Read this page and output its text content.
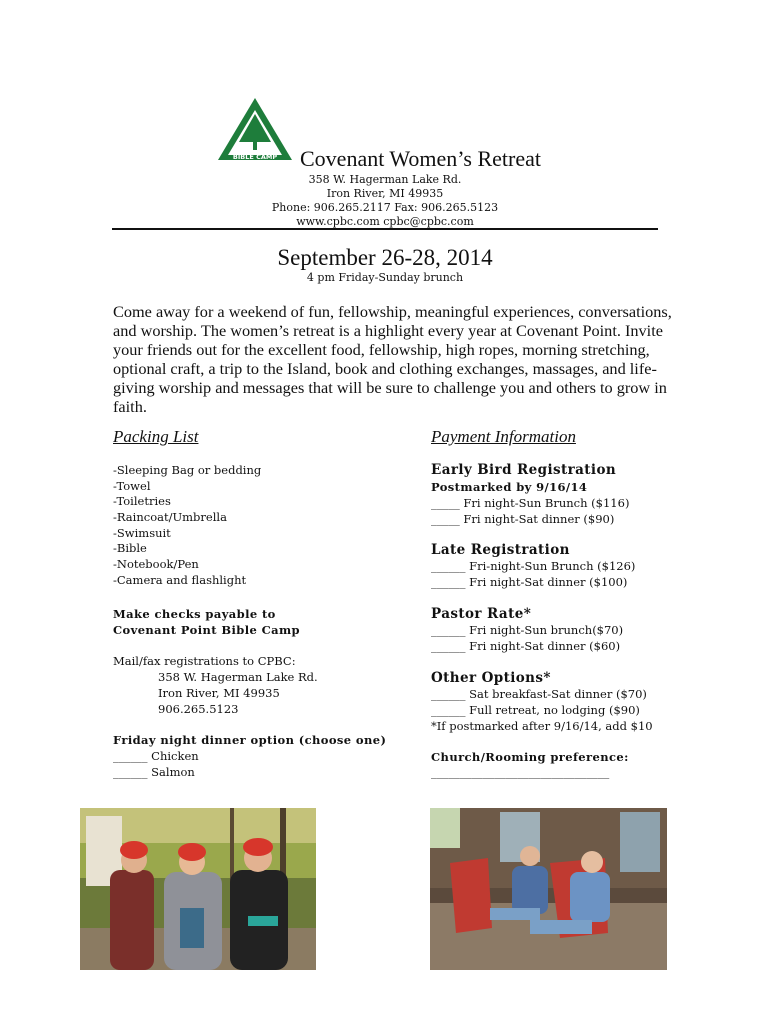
BIBLE CAMP Covenant Women’s Retreat
358 W. Hagerman Lake Rd.
Iron River, MI 49935
Phone: 906.265.2117 Fax: 906.265.5123
www.cpbc.com cpbc@cpbc.com
September 26-28, 2014
4 pm Friday-Sunday brunch
Come away for a weekend of fun, fellowship, meaningful experiences, conversations, and worship. The women’s retreat is a highlight every year at Covenant Point. Invite your friends out for the excellent food, fellowship, high ropes, morning stretching, optional craft, a trip to the Island, book and clothing exchanges, massages, and life-giving worship and messages that will be sure to challenge you and others to grow in faith.
Packing List
-Sleeping Bag or bedding
-Towel
-Toiletries
-Raincoat/Umbrella
-Swimsuit
-Bible
-Notebook/Pen
-Camera and flashlight
Make checks payable to
Covenant Point Bible Camp
Mail/fax registrations to CPBC:
358 W. Hagerman Lake Rd.
Iron River, MI 49935
906.265.5123
Friday night dinner option (choose one)
______ Chicken
______ Salmon
Payment Information
Early Bird Registration
Postmarked by 9/16/14
_____ Fri night-Sun Brunch ($116)
_____ Fri night-Sat dinner ($90)
Late Registration
______ Fri-night-Sun Brunch ($126)
______ Fri night-Sat dinner ($100)
Pastor Rate*
______ Fri night-Sun brunch($70)
______ Fri night-Sat dinner ($60)
Other Options*
______ Sat breakfast-Sat dinner ($70)
______ Full retreat, no lodging ($90)
*If postmarked after 9/16/14, add $10
Church/Rooming preference:
_______________________________
